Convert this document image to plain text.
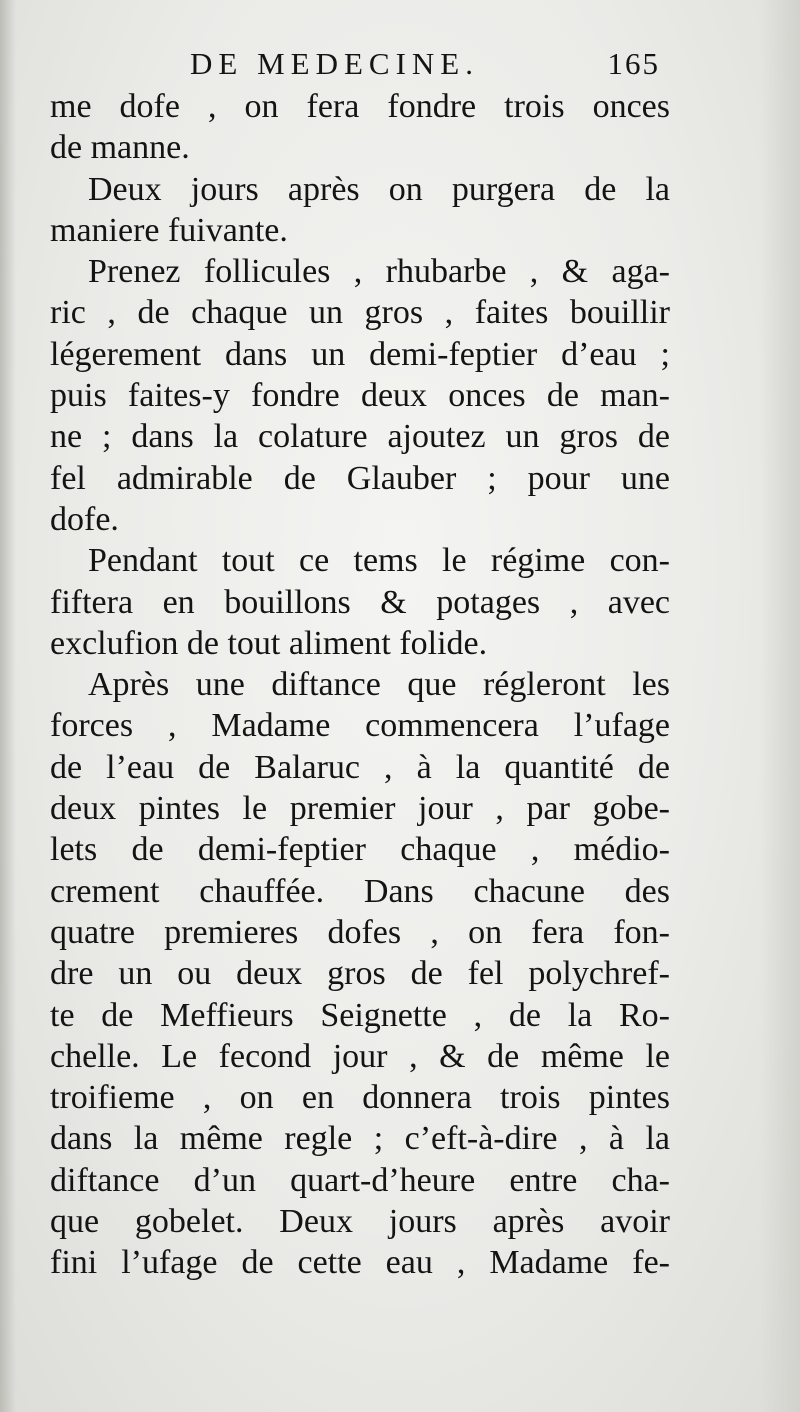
DE MEDECINE.	165
me dofe , on fera fondre trois onces
de manne.
Deux jours après on purgera de la
maniere fuivante.
Prenez follicules , rhubarbe , & aga-
ric , de chaque un gros , faites bouillir
légerement dans un demi-feptier d’eau ;
puis faites-y fondre deux onces de man-
ne ; dans la colature ajoutez un gros de
fel admirable de Glauber ; pour une
dofe.
Pendant tout ce tems le régime con-
fiftera en bouillons & potages , avec
exclufion de tout aliment folide.
Après une diftance que régleront les
forces , Madame commencera l’ufage
de l’eau de Balaruc , à la quantité de
deux pintes le premier jour , par gobe-
lets de demi-feptier chaque , médio-
crement chauffée. Dans chacune des
quatre premieres dofes , on fera fon-
dre un ou deux gros de fel polychref-
te de Meffieurs Seignette , de la Ro-
chelle. Le fecond jour , & de même le
troifieme , on en donnera trois pintes
dans la même regle ; c’eft-à-dire , à la
diftance d’un quart-d’heure entre cha-
que gobelet. Deux jours après avoir
fini l’ufage de cette eau , Madame fe-
